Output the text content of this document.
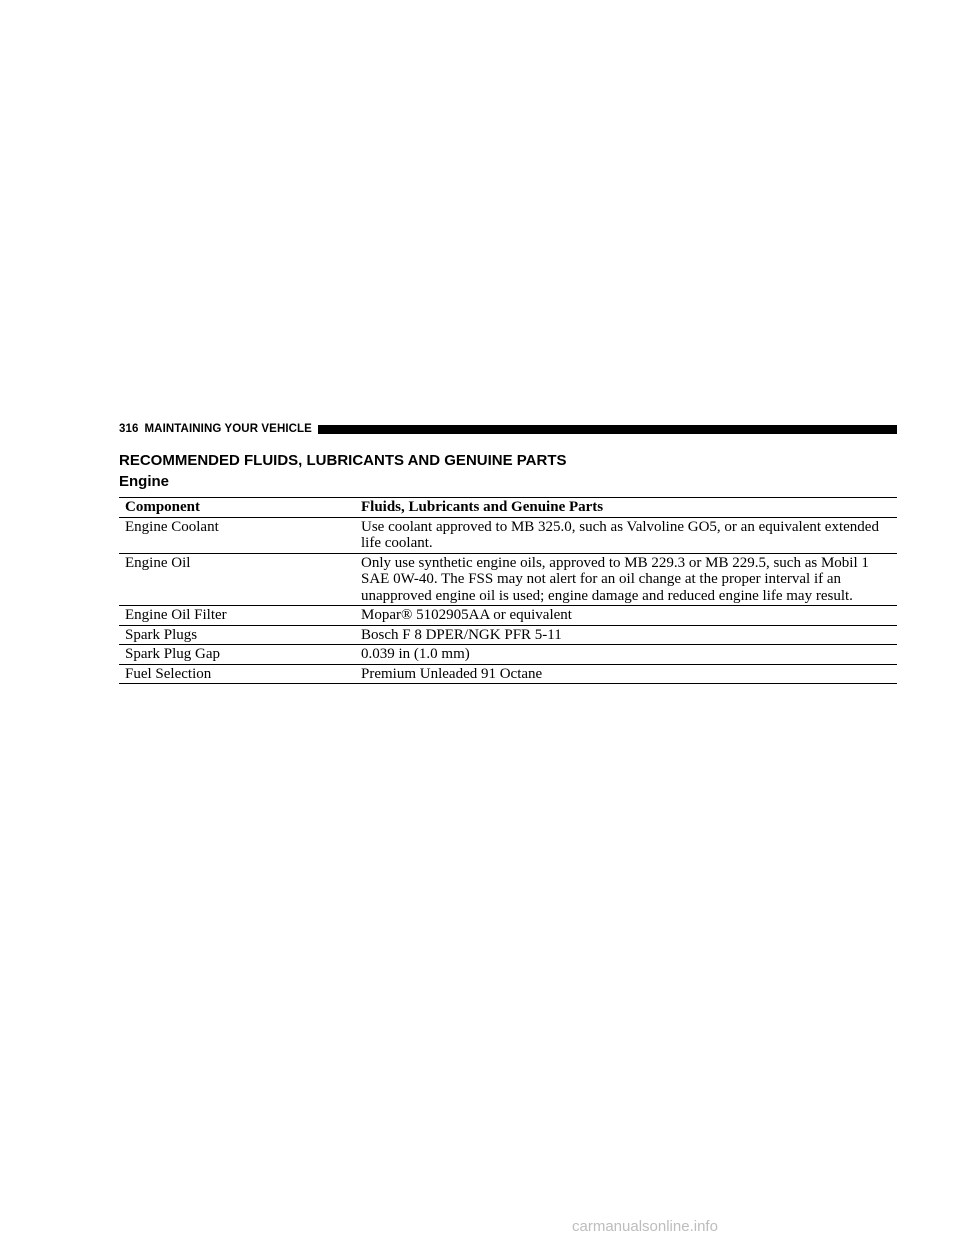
316 MAINTAINING YOUR VEHICLE
RECOMMENDED FLUIDS, LUBRICANTS AND GENUINE PARTS
Engine
Component	Fluids, Lubricants and Genuine Parts
Engine Coolant	Use coolant approved to MB 325.0, such as Valvoline GO5, or an equivalent extended life coolant.
Engine Oil	Only use synthetic engine oils, approved to MB 229.3 or MB 229.5, such as Mobil 1 SAE 0W-40. The FSS may not alert for an oil change at the proper interval if an unapproved engine oil is used; engine damage and reduced engine life may result.
Engine Oil Filter	Mopar® 5102905AA or equivalent
Spark Plugs	Bosch F 8 DPER/NGK PFR 5-11
Spark Plug Gap	0.039 in (1.0 mm)
Fuel Selection	Premium Unleaded 91 Octane
carmanualsonline.info
